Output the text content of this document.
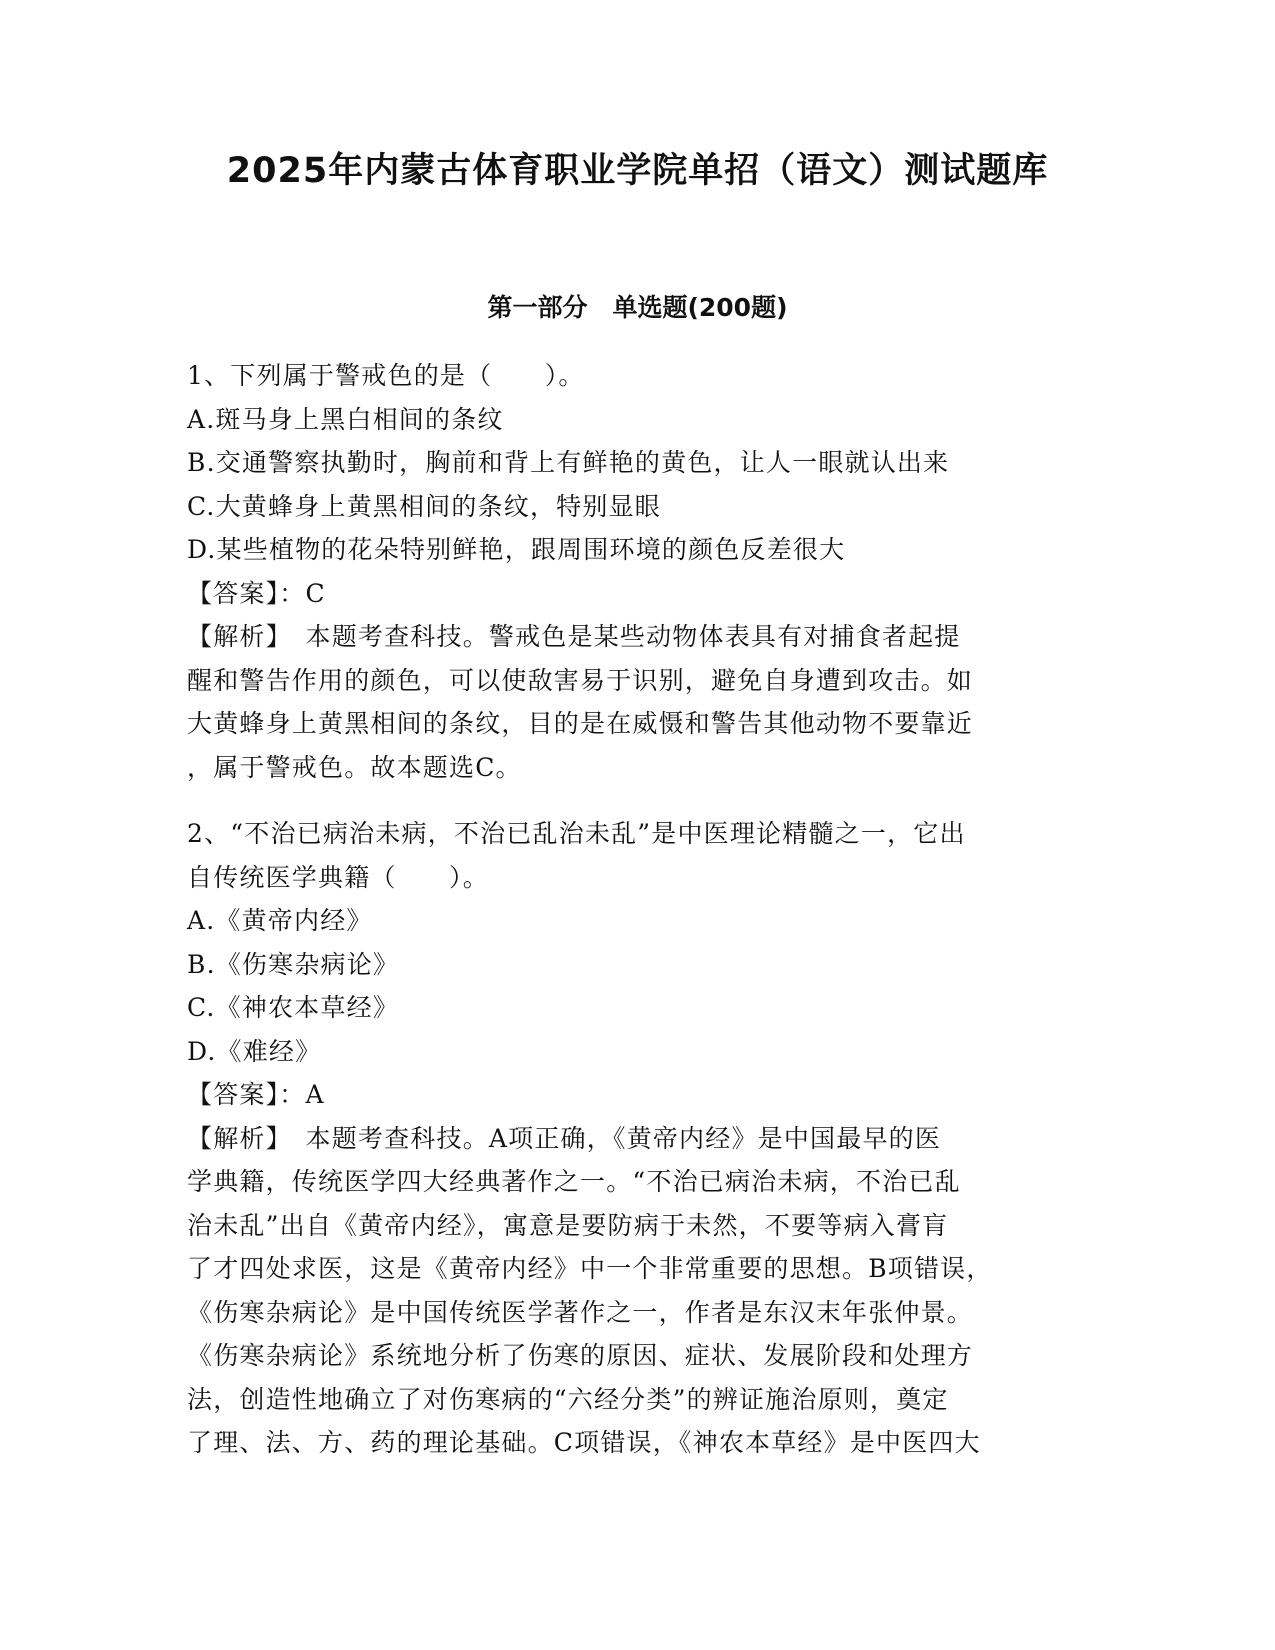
2025年内蒙古体育职业学院单招（语文）测试题库
第一部分　单选题(200题)
1、下列属于警戒色的是（　　）。
A.斑马身上黑白相间的条纹
B.交通警察执勤时，胸前和背上有鲜艳的黄色，让人一眼就认出来
C.大黄蜂身上黄黑相间的条纹，特别显眼
D.某些植物的花朵特别鲜艳，跟周围环境的颜色反差很大
【答案】：C
【解析】　本题考查科技。警戒色是某些动物体表具有对捕食者起提
醒和警告作用的颜色，可以使敌害易于识别，避免自身遭到攻击。如
大黄蜂身上黄黑相间的条纹，目的是在威慑和警告其他动物不要靠近
，属于警戒色。故本题选C。
2、“不治已病治未病，不治已乱治未乱”是中医理论精髓之一，它出
自传统医学典籍（　　）。
A.《黄帝内经》
B.《伤寒杂病论》
C.《神农本草经》
D.《难经》
【答案】：A
【解析】　本题考查科技。A项正确，《黄帝内经》是中国最早的医
学典籍，传统医学四大经典著作之一。“不治已病治未病，不治已乱
治未乱”出自《黄帝内经》，寓意是要防病于未然，不要等病入膏肓
了才四处求医，这是《黄帝内经》中一个非常重要的思想。B项错误，
《伤寒杂病论》是中国传统医学著作之一，作者是东汉末年张仲景。
《伤寒杂病论》系统地分析了伤寒的原因、症状、发展阶段和处理方
法，创造性地确立了对伤寒病的“六经分类”的辨证施治原则，奠定
了理、法、方、药的理论基础。C项错误，《神农本草经》是中医四大
